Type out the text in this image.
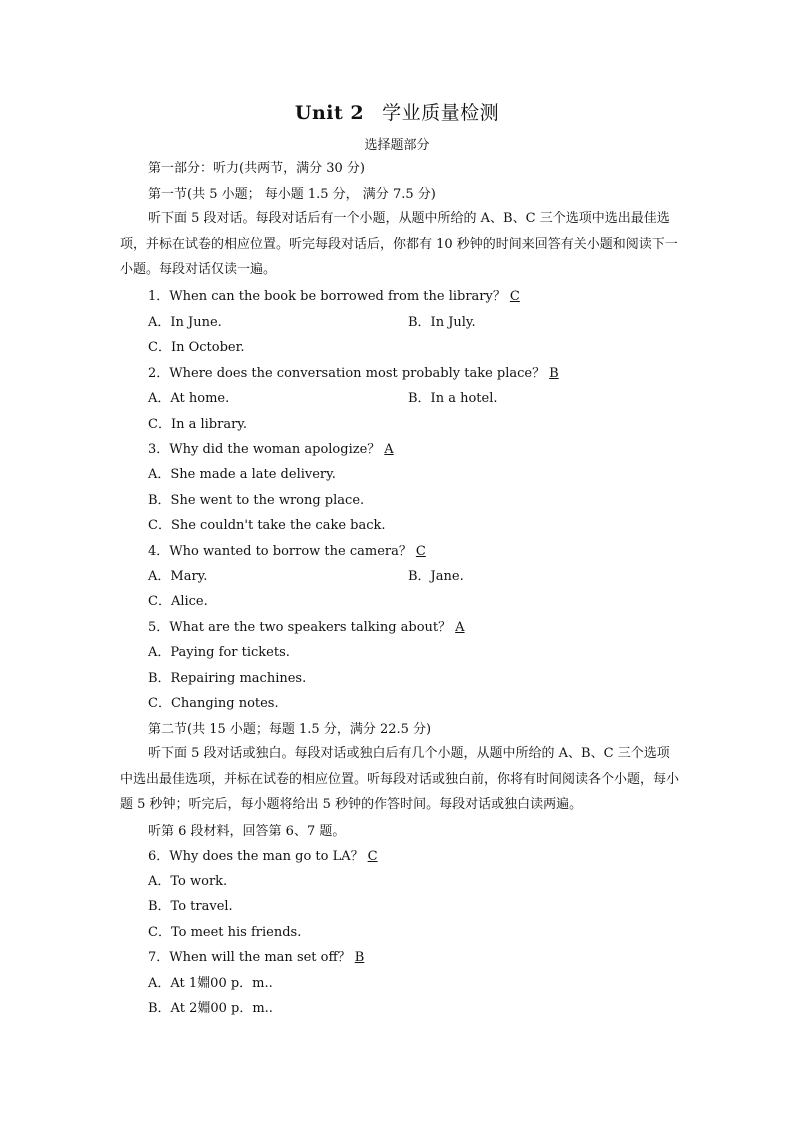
Unit 2 学业质量检测
选择题部分
第一部分：听力(共两节，满分 30 分)
第一节(共 5 小题； 每小题 1.5 分， 满分 7.5 分)
听下面 5 段对话。每段对话后有一个小题，从题中所给的 A、B、C 三个选项中选出最佳选项，并标在试卷的相应位置。听完每段对话后，你都有 10 秒钟的时间来回答有关小题和阅读下一小题。每段对话仅读一遍。
1．When can the book be borrowed from the library？ C
A．In June.	B．In July.
C．In October.
2．Where does the conversation most probably take place？ B
A．At home.	B．In a hotel.
C．In a library.
3．Why did the woman apologize？ A
A．She made a late delivery.
B．She went to the wrong place.
C．She couldn't take the cake back.
4．Who wanted to borrow the camera？ C
A．Mary.	B．Jane.
C．Alice.
5．What are the two speakers talking about？ A
A．Paying for tickets.
B．Repairing machines.
C．Changing notes.
第二节(共 15 小题；每题 1.5 分，满分 22.5 分)
听下面 5 段对话或独白。每段对话或独白后有几个小题，从题中所给的 A、B、C 三个选项中选出最佳选项，并标在试卷的相应位置。听每段对话或独白前，你将有时间阅读各个小题，每小题 5 秒钟；听完后，每小题将给出 5 秒钟的作答时间。每段对话或独白读两遍。
听第 6 段材料，回答第 6、7 题。
6．Why does the man go to LA？ C
A．To work.
B．To travel.
C．To meet his friends.
7．When will the man set off？ B
A．At 1婣00 p．m..
B．At 2婣00 p．m..
